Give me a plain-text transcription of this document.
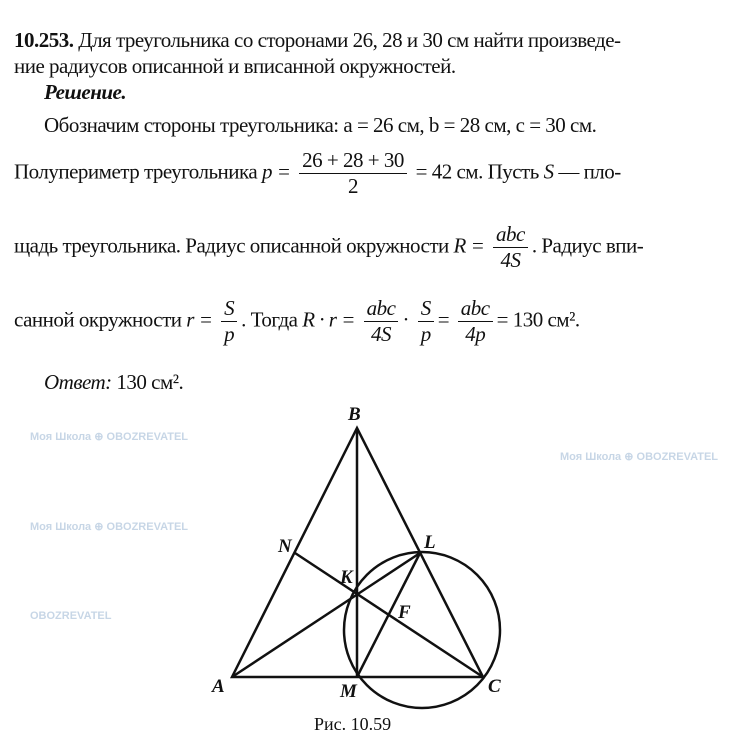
Моя Школа ⊕ OBOZREVATEL
Моя Школа ⊕ OBOZREVATEL
OBOZREVATEL
Моя Школа ⊕ OBOZREVATEL
10.253. Для треугольника со сторонами 26, 28 и 30 см найти произведе-
ние радиусов описанной и вписанной окружностей.
Решение.
Обозначим стороны треугольника: a = 26 см, b = 28 см, c = 30 см.
Полупериметр треугольника $p = \frac{26 + 28 + 30}{2} = 42$ см. Пусть S — пло-
щадь треугольника. Радиус описанной окружности $R = \frac{\text{abc}}{4S}$ . Радиус впи-
санной окружности $r = \frac{S}{p}$ . Тогда $R \cdot r = \frac{\text{abc}}{4S} \cdot \frac{S}{p} = \frac{\text{abc}}{4p} = 130$ см².
Ответ: 130 см².
B
A	C
M
L
K
N
F
Рис. 10.59
